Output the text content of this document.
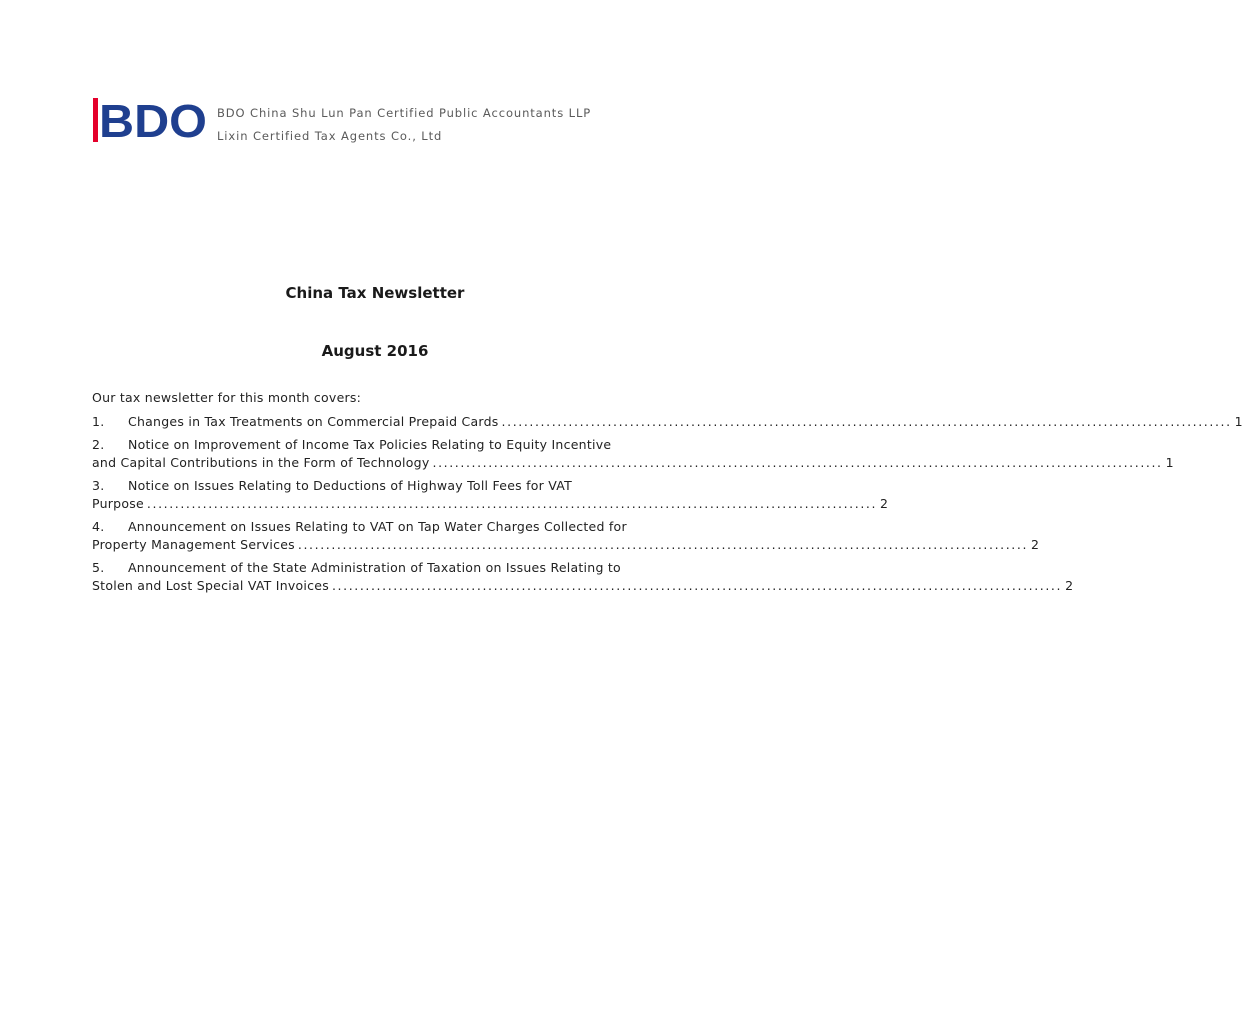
BDO BDO China Shu Lun Pan Certified Public Accountants LLP
Lixin Certified Tax Agents Co., Ltd
China Tax Newsletter
August 2016
Our tax newsletter for this month covers:
1.	Changes in Tax Treatments on Commercial Prepaid Cards ................................................................................................................................... 1
2.	Notice on Improvement of Income Tax Policies Relating to Equity Incentive
and Capital Contributions in the Form of Technology ................................................................................................................................... 1
3.	Notice on Issues Relating to Deductions of Highway Toll Fees for VAT
Purpose ................................................................................................................................... 2
4.	Announcement on Issues Relating to VAT on Tap Water Charges Collected for
Property Management Services ................................................................................................................................... 2
5.	Announcement of the State Administration of Taxation on Issues Relating to
Stolen and Lost Special VAT Invoices ................................................................................................................................... 2
